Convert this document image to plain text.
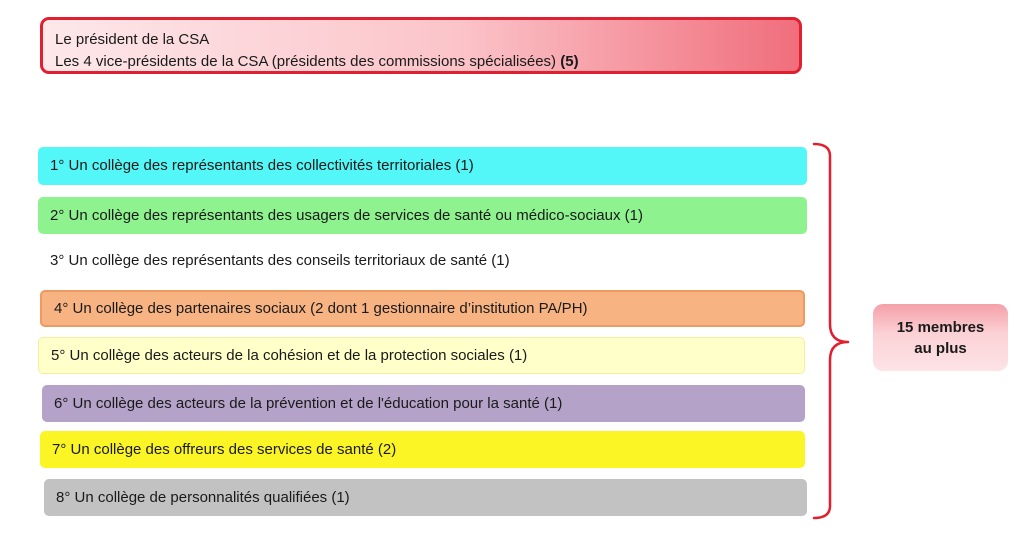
Le président de la CSA
Les 4 vice-présidents de la CSA (présidents des commissions spécialisées) (5)
1° Un collège des représentants des collectivités territoriales (1)
2° Un collège des représentants des usagers de services de santé ou médico-sociaux (1)
3° Un collège des représentants des conseils territoriaux de santé (1)
4° Un collège des partenaires sociaux (2 dont 1 gestionnaire d’institution PA/PH)
5° Un collège des acteurs de la cohésion et de la protection sociales (1)
6° Un collège des acteurs de la prévention et de l'éducation pour la santé (1)
7° Un collège des offreurs des services de santé (2)
8° Un collège de personnalités qualifiées (1)
15 membres
au plus
